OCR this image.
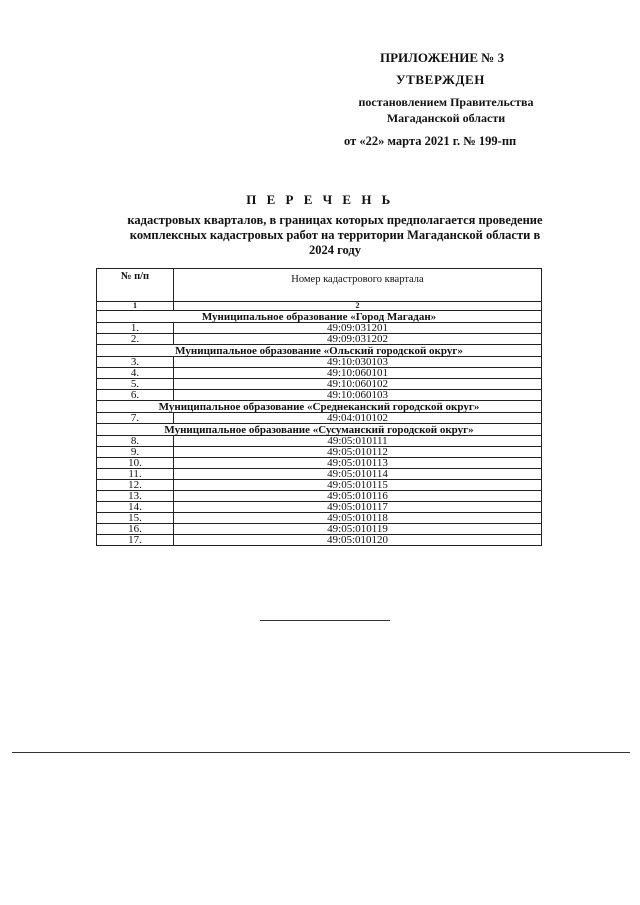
ПРИЛОЖЕНИЕ № 3
УТВЕРЖДЕН
постановлением Правительства Магаданской области
от «22» марта 2021 г. № 199-пп
П Е Р Е Ч Е Н Ь
кадастровых кварталов, в границах которых предполагается проведение комплексных кадастровых работ на территории Магаданской области в 2024 году
№ п/п	Номер кадастрового квартала
1	2
Муниципальное образование «Город Магадан»	
1.	49:09:031201
2.	49:09:031202
Муниципальное образование «Ольский городской округ»	
3.	49:10:030103
4.	49:10:060101
5.	49:10:060102
6.	49:10:060103
Муниципальное образование «Среднеканский городской округ»	
7.	49:04:010102
Муниципальное образование «Сусуманский городской округ»	
8.	49:05:010111
9.	49:05:010112
10.	49:05:010113
11.	49:05:010114
12.	49:05:010115
13.	49:05:010116
14.	49:05:010117
15.	49:05:010118
16.	49:05:010119
17.	49:05:010120
